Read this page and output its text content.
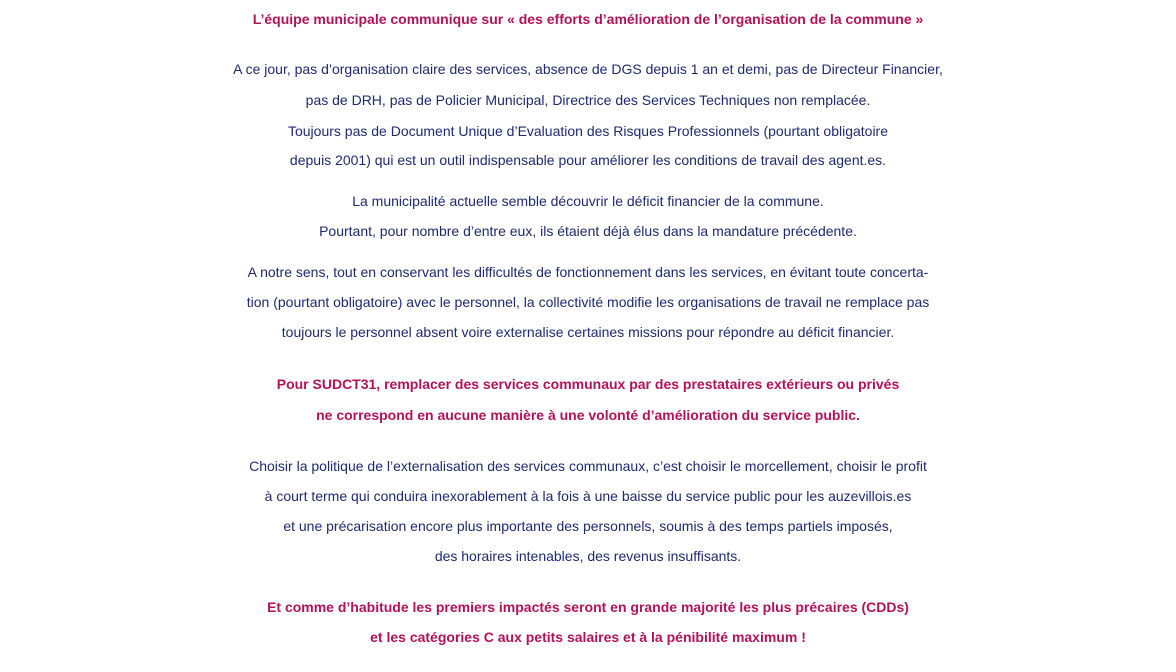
L’équipe municipale communique sur « des efforts d’amélioration de l’organisation de la commune »
A ce jour, pas d’organisation claire des services, absence de DGS depuis 1 an et demi, pas de Directeur Financier,
pas de DRH, pas de Policier Municipal, Directrice des Services Techniques non remplacée.
Toujours pas de Document Unique d’Evaluation des Risques Professionnels (pourtant obligatoire
depuis 2001) qui est un outil indispensable pour améliorer les conditions de travail des agent.es.
La municipalité actuelle semble découvrir le déficit financier de la commune.
Pourtant, pour nombre d’entre eux, ils étaient déjà élus dans la mandature précédente.
A notre sens, tout en conservant les difficultés de fonctionnement dans les services, en évitant toute concerta-
tion (pourtant obligatoire) avec le personnel, la collectivité modifie les organisations de travail ne remplace pas
toujours le personnel absent voire externalise certaines missions pour répondre au déficit financier.
Pour SUDCT31, remplacer des services communaux par des prestataires extérieurs ou privés
ne correspond en aucune manière à une volonté d’amélioration du service public.
Choisir la politique de l’externalisation des services communaux, c’est choisir le morcellement, choisir le profit
à court terme qui conduira inexorablement à la fois à une baisse du service public pour les auzevillois.es
et une précarisation encore plus importante des personnels, soumis à des temps partiels imposés,
des horaires intenables, des revenus insuffisants.
Et comme d’habitude les premiers impactés seront en grande majorité les plus précaires (CDDs)
et les catégories C aux petits salaires et à la pénibilité maximum !
